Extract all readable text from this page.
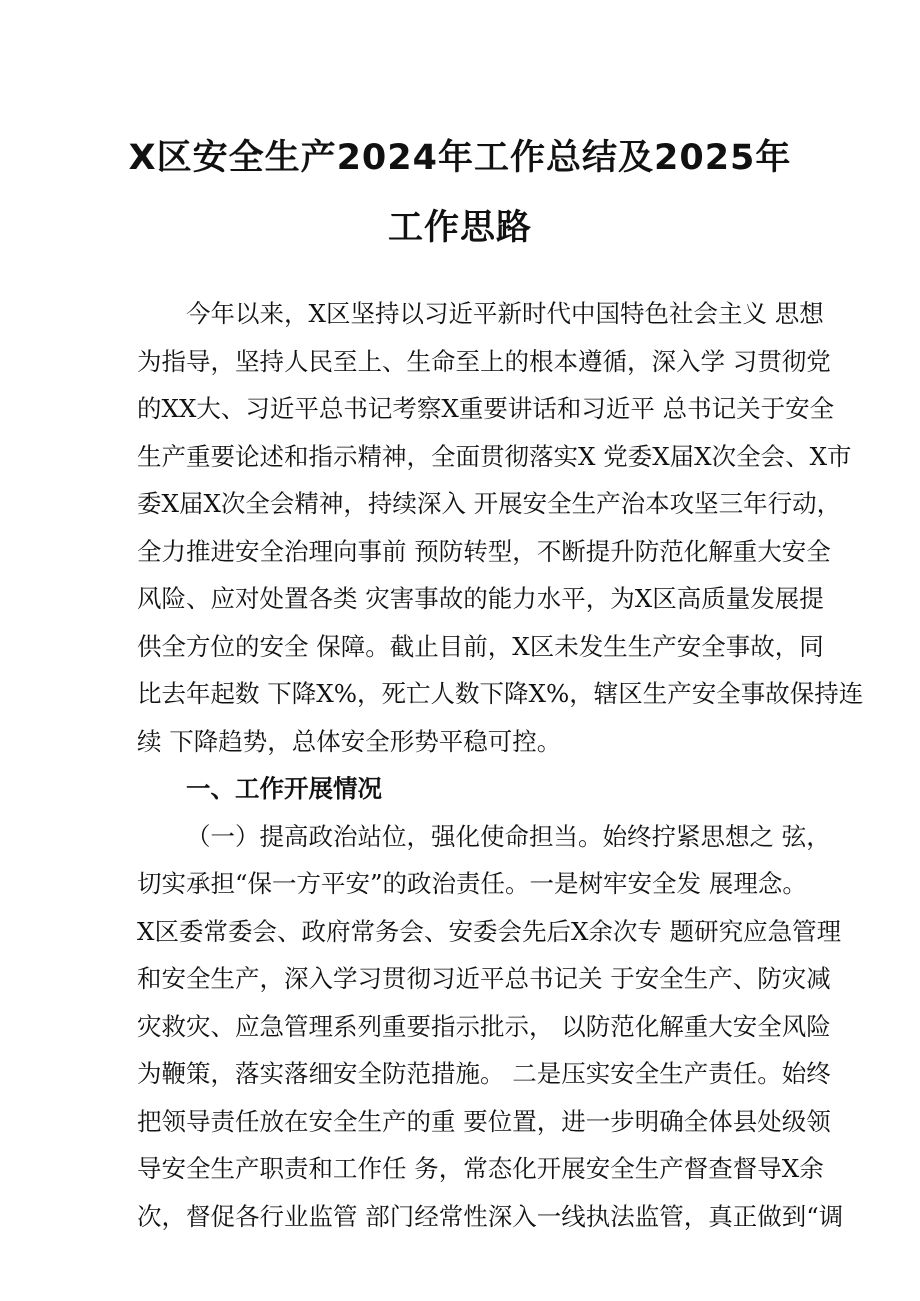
X区安全生产2024年工作总结及2025年
工作思路
今年以来，X区坚持以习近平新时代中国特色社会主义 思想
为指导，坚持人民至上、生命至上的根本遵循，深入学 习贯彻党
的XX大、习近平总书记考察X重要讲话和习近平 总书记关于安全
生产重要论述和指示精神，全面贯彻落实X 党委X届X次全会、X市
委X届X次全会精神，持续深入 开展安全生产治本攻坚三年行动，
全力推进安全治理向事前 预防转型，不断提升防范化解重大安全
风险、应对处置各类 灾害事故的能力水平，为X区高质量发展提
供全方位的安全 保障。截止目前，X区未发生生产安全事故，同
比去年起数 下降X%，死亡人数下降X%，辖区生产安全事故保持连
续 下降趋势，总体安全形势平稳可控。
一、工作开展情况
（一）提高政治站位，强化使命担当。始终拧紧思想之 弦，
切实承担“保一方平安”的政治责任。一是树牢安全发 展理念。
X区委常委会、政府常务会、安委会先后X余次专 题研究应急管理
和安全生产，深入学习贯彻习近平总书记关 于安全生产、防灾减
灾救灾、应急管理系列重要指示批示， 以防范化解重大安全风险
为鞭策，落实落细安全防范措施。 二是压实安全生产责任。始终
把领导责任放在安全生产的重 要位置，进一步明确全体县处级领
导安全生产职责和工作任 务，常态化开展安全生产督查督导X余
次，督促各行业监管 部门经常性深入一线执法监管，真正做到“调
